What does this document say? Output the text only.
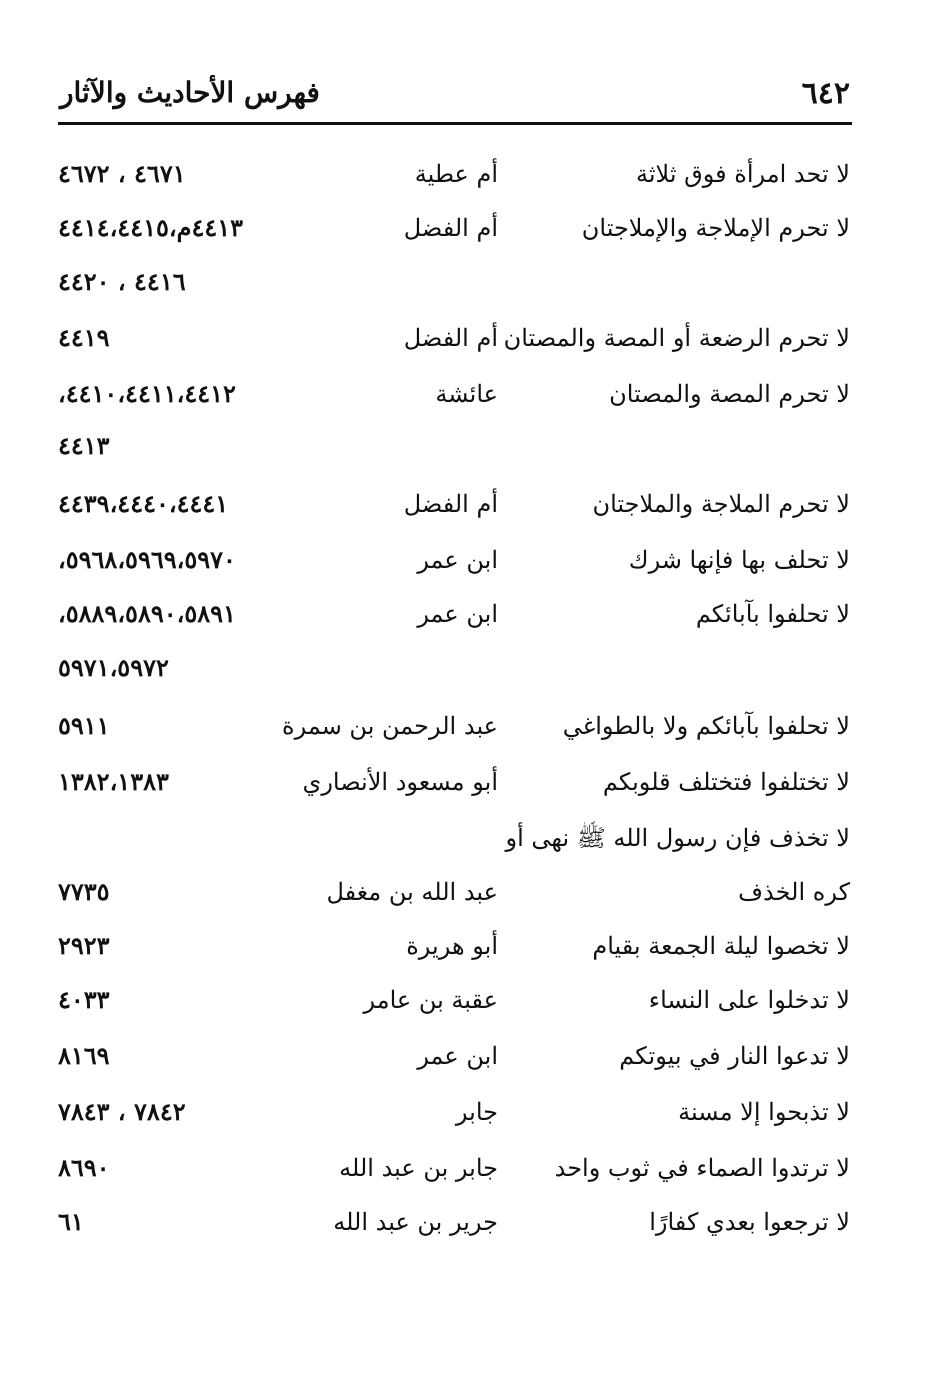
٦٤٢
فهرس الأحاديث والآثار
لا تحد امرأة فوق ثلاثة
أم عطية
٤٦٧١ ، ٤٦٧٢
لا تحرم الإملاجة والإملاجتان
أم الفضل
٤٤١٣م،٤٤١٤،٤٤١٥
٤٤١٦ ، ٤٤٢٠
لا تحرم الرضعة أو المصة والمصتان
أم الفضل
٤٤١٩
لا تحرم المصة والمصتان
عائشة
٤٤١٠،٤٤١١،٤٤١٢،
٤٤١٣
لا تحرم الملاجة والملاجتان
أم الفضل
٤٤٣٩،٤٤٤٠،٤٤٤١
لا تحلف بها فإنها شرك
ابن عمر
٥٩٦٨،٥٩٦٩،٥٩٧٠،
لا تحلفوا بآبائكم
ابن عمر
٥٨٨٩،٥٨٩٠،٥٨٩١،
٥٩٧١،٥٩٧٢
لا تحلفوا بآبائكم ولا بالطواغي
عبد الرحمن بن سمرة
٥٩١١
لا تختلفوا فتختلف قلوبكم
أبو مسعود الأنصاري
١٣٨٢،١٣٨٣
لا تخذف فإن رسول الله ﷺ نهى أو
كره الخذف
عبد الله بن مغفل
٧٧٣٥
لا تخصوا ليلة الجمعة بقيام
أبو هريرة
٢٩٢٣
لا تدخلوا على النساء
عقبة بن عامر
٤٠٣٣
لا تدعوا النار في بيوتكم
ابن عمر
٨١٦٩
لا تذبحوا إلا مسنة
جابر
٧٨٤٢ ، ٧٨٤٣
لا ترتدوا الصماء في ثوب واحد
جابر بن عبد الله
٨٦٩٠
لا ترجعوا بعدي كفارًا
جرير بن عبد الله
٦١
